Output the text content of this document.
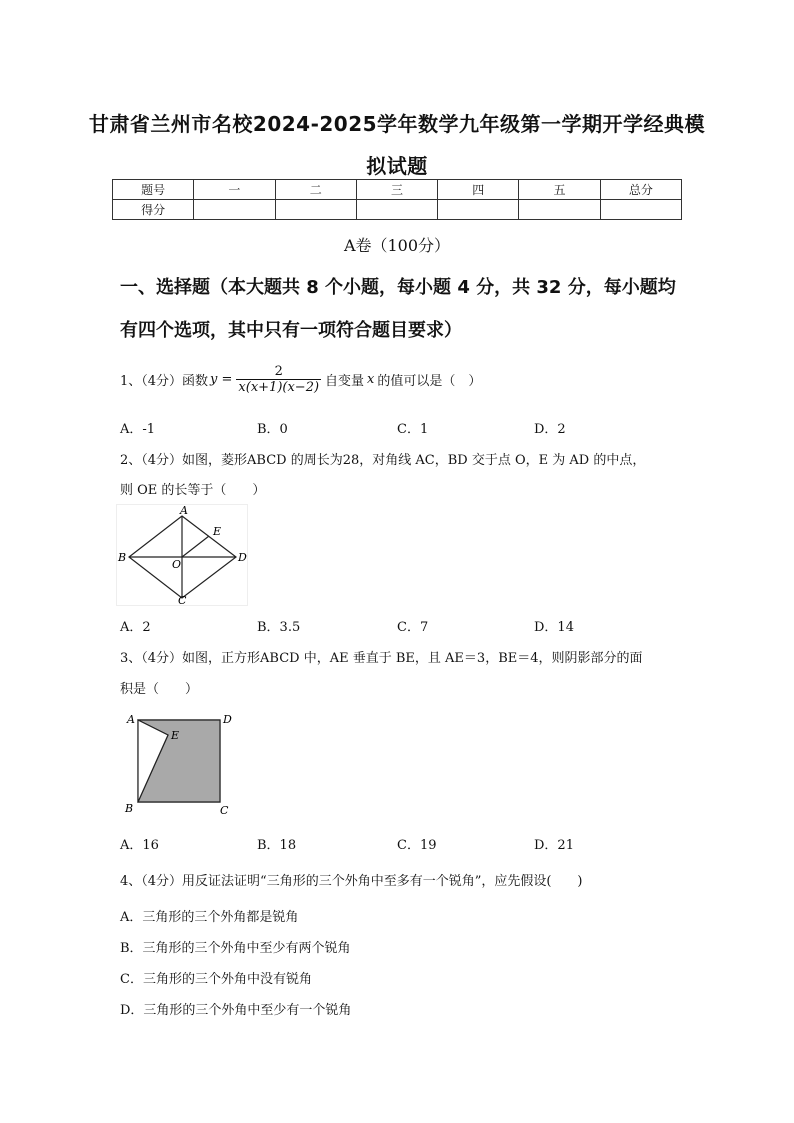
甘肃省兰州市名校2024-2025学年数学九年级第一学期开学经典模
拟试题
题号	一	二	三	四	五	总分
得分						
A卷（100分）
一、选择题（本大题共 8 个小题，每小题 4 分，共 32 分，每小题均
有四个选项，其中只有一项符合题目要求）
1、（4分）函数 $y = \frac{2}{x(x+1)(x-2)}$ 自变量 x 的值可以是（　）
A．-1	B．0	C．1	D．2
2、（4分）如图，菱形ABCD 的周长为28，对角线 AC，BD 交于点 O，E 为 AD 的中点，
则 OE 的长等于（　　）
A
B
C
D
E
O
A．2	B．3.5	C．7	D．14
3、（4分）如图，正方形ABCD 中，AE 垂直于 BE，且 AE＝3，BE＝4，则阴影部分的面
积是（　　）
A	D
E
B	C
A．16	B．18	C．19	D．21
4、（4分）用反证法证明“三角形的三个外角中至多有一个锐角”，应先假设(　　)
A．三角形的三个外角都是锐角
B．三角形的三个外角中至少有两个锐角
C．三角形的三个外角中没有锐角
D．三角形的三个外角中至少有一个锐角
